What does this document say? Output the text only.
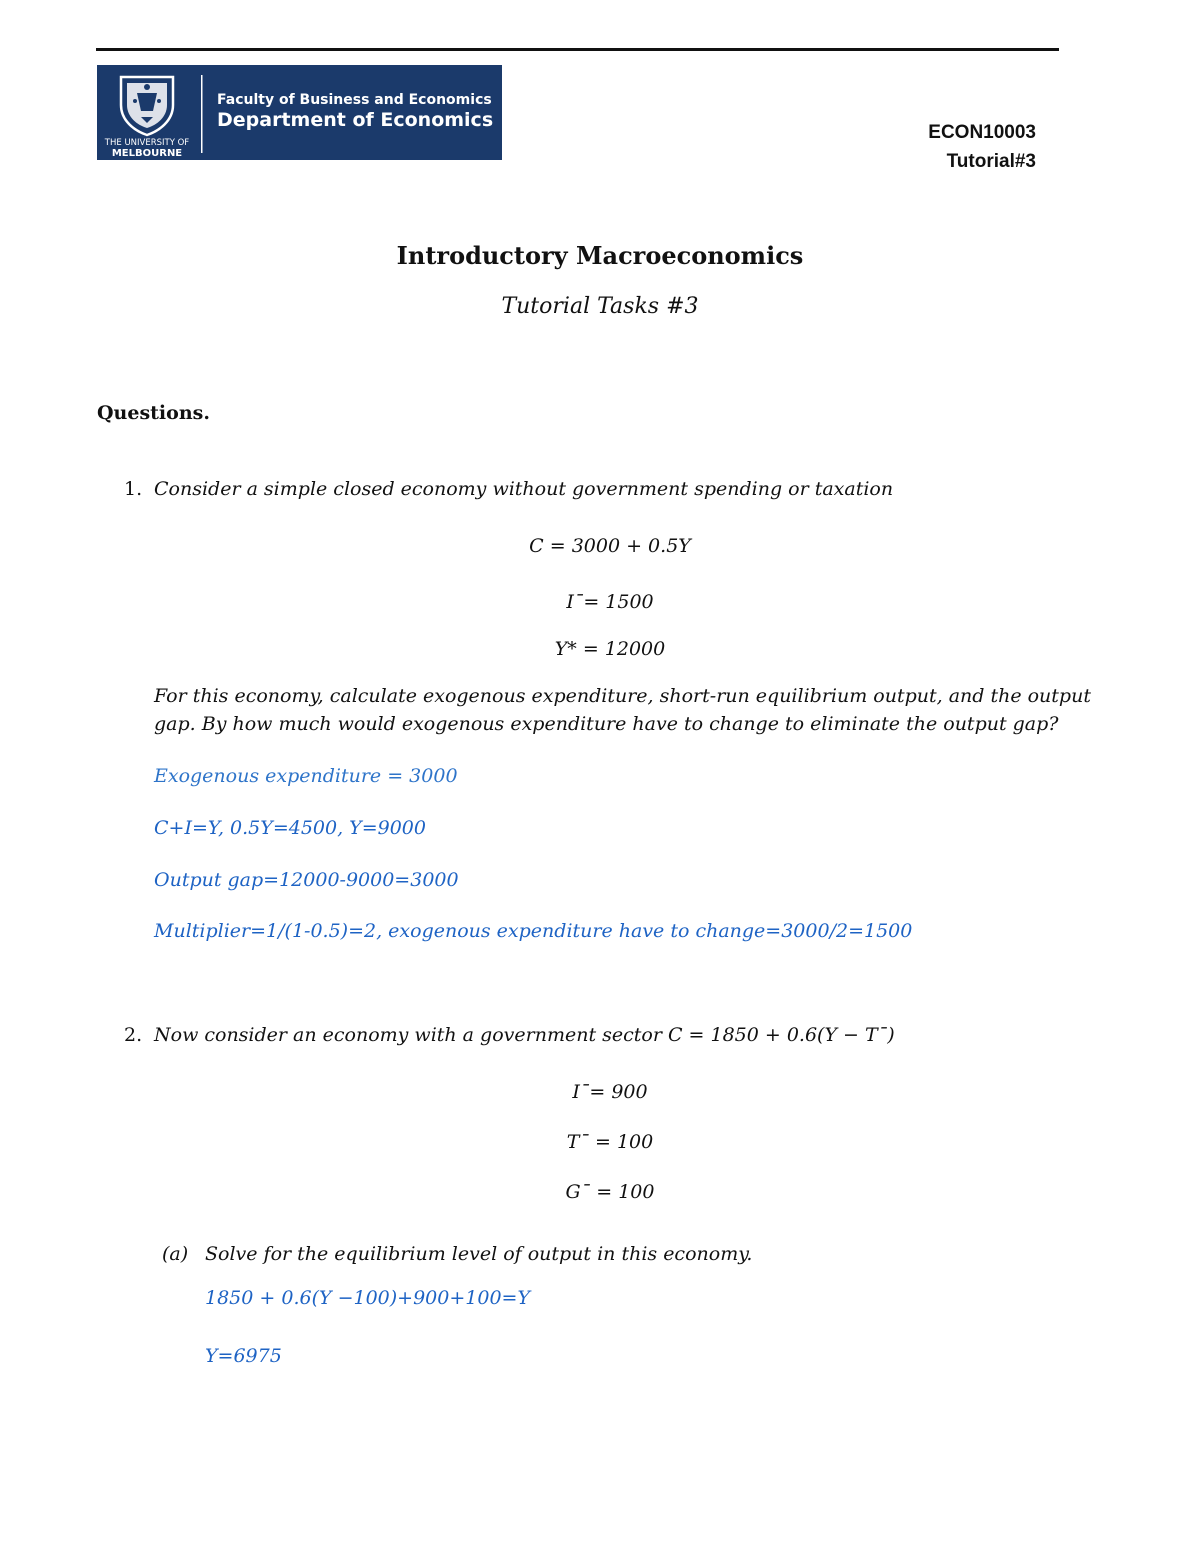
THE UNIVERSITY OF
MELBOURNE
Faculty of Business and Economics
Department of Economics
ECON10003
Tutorial#3
Introductory Macroeconomics
Tutorial Tasks #3
Questions.
1. Consider a simple closed economy without government spending or taxation
C = 3000 + 0.5Y
I¯= 1500
Y* = 12000
For this economy, calculate exogenous expenditure, short-run equilibrium output, and the output
gap. By how much would exogenous expenditure have to change to eliminate the output gap?
Exogenous expenditure = 3000
C+I=Y, 0.5Y=4500, Y=9000
Output gap=12000-9000=3000
Multiplier=1/(1-0.5)=2, exogenous expenditure have to change=3000/2=1500
2. Now consider an economy with a government sector C = 1850 + 0.6(Y − T¯)
I¯= 900
T¯ = 100
G¯ = 100
(a) Solve for the equilibrium level of output in this economy.
1850 + 0.6(Y −100)+900+100=Y
Y=6975
